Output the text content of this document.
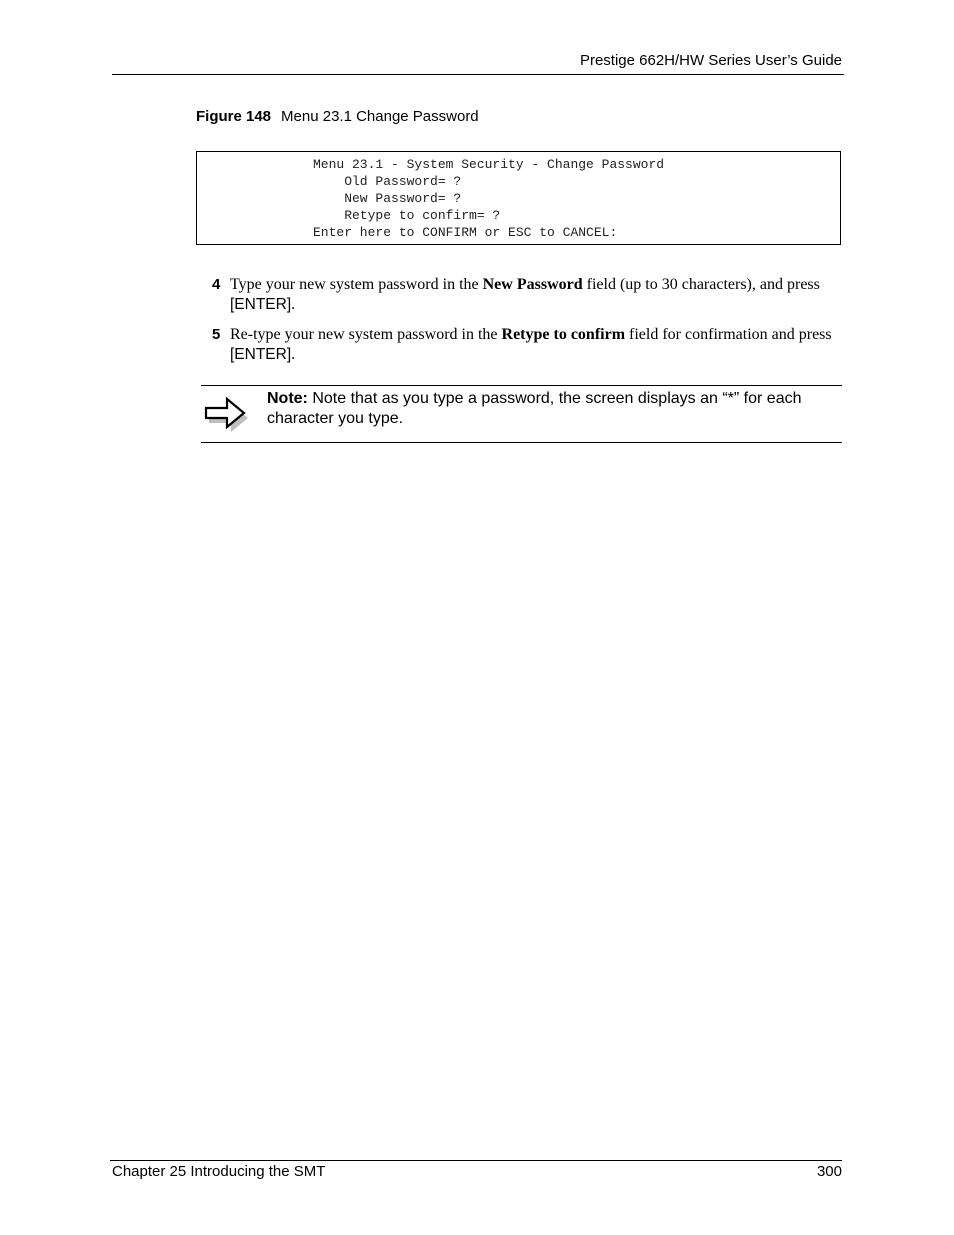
Prestige 662H/HW Series User’s Guide
Figure 148 Menu 23.1 Change Password
Menu 23.1 - System Security - Change Password
Old Password= ?
New Password= ?
Retype to confirm= ?
Enter here to CONFIRM or ESC to CANCEL:
4 Type your new system password in the New Password field (up to 30 characters), and press [ENTER].
5 Re-type your new system password in the Retype to confirm field for confirmation and press [ENTER].
Note: Note that as you type a password, the screen displays an “*” for each character you type.
Chapter 25 Introducing the SMT	300
